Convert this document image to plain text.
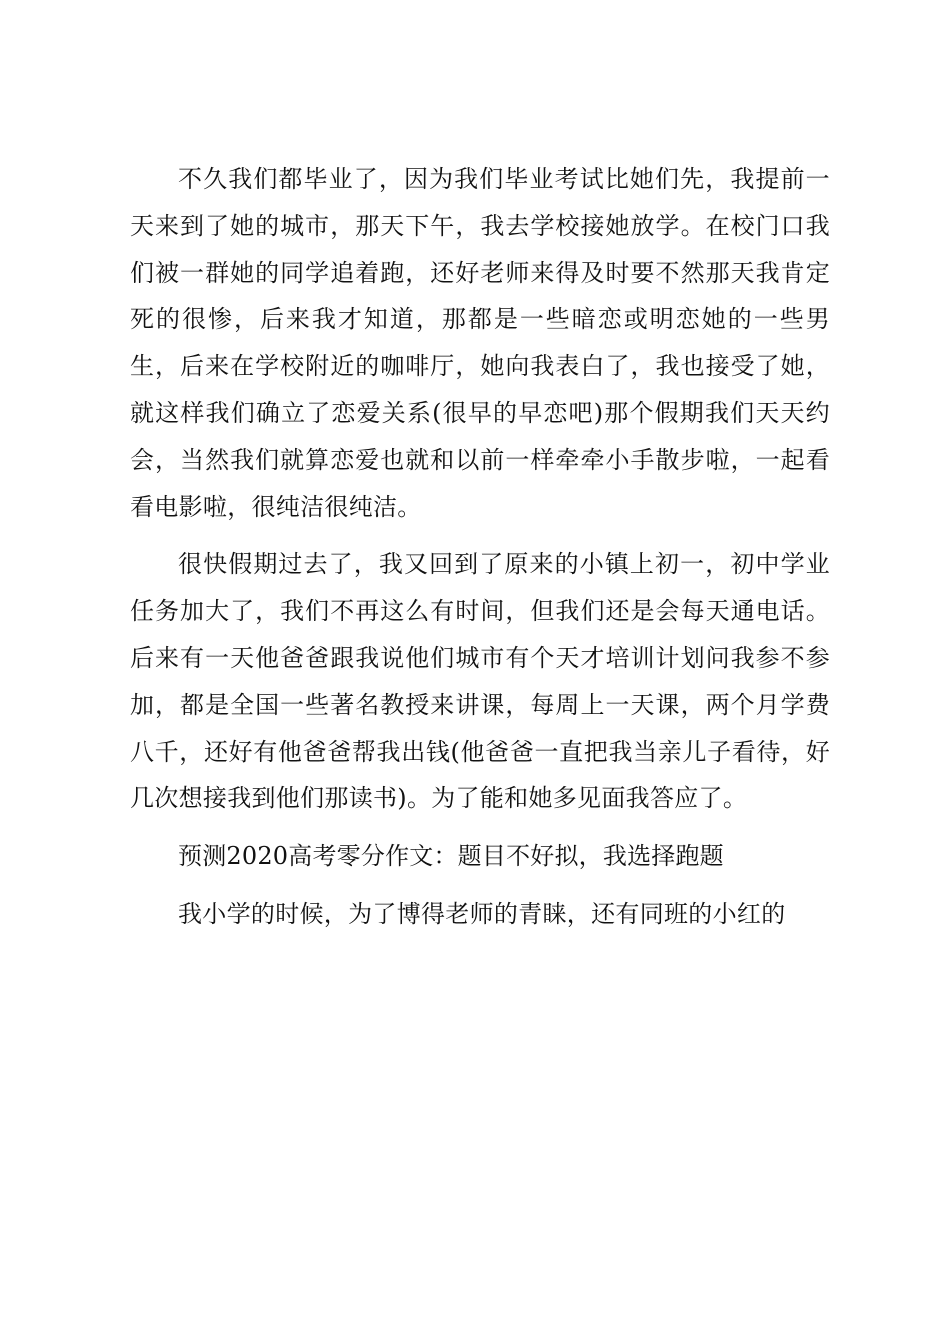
不久我们都毕业了，因为我们毕业考试比她们先，我提前一天来到了她的城市，那天下午，我去学校接她放学。在校门口我们被一群她的同学追着跑，还好老师来得及时要不然那天我肯定死的很惨，后来我才知道，那都是一些暗恋或明恋她的一些男生，后来在学校附近的咖啡厅，她向我表白了，我也接受了她，就这样我们确立了恋爱关系(很早的早恋吧)那个假期我们天天约会，当然我们就算恋爱也就和以前一样牵牵小手散步啦，一起看看电影啦，很纯洁很纯洁。

很快假期过去了，我又回到了原来的小镇上初一，初中学业任务加大了，我们不再这么有时间，但我们还是会每天通电话。后来有一天他爸爸跟我说他们城市有个天才培训计划问我参不参加，都是全国一些著名教授来讲课，每周上一天课，两个月学费八千，还好有他爸爸帮我出钱(他爸爸一直把我当亲儿子看待，好几次想接我到他们那读书)。为了能和她多见面我答应了。

预测2020高考零分作文：题目不好拟，我选择跑题

我小学的时候，为了博得老师的青睐，还有同班的小红的
